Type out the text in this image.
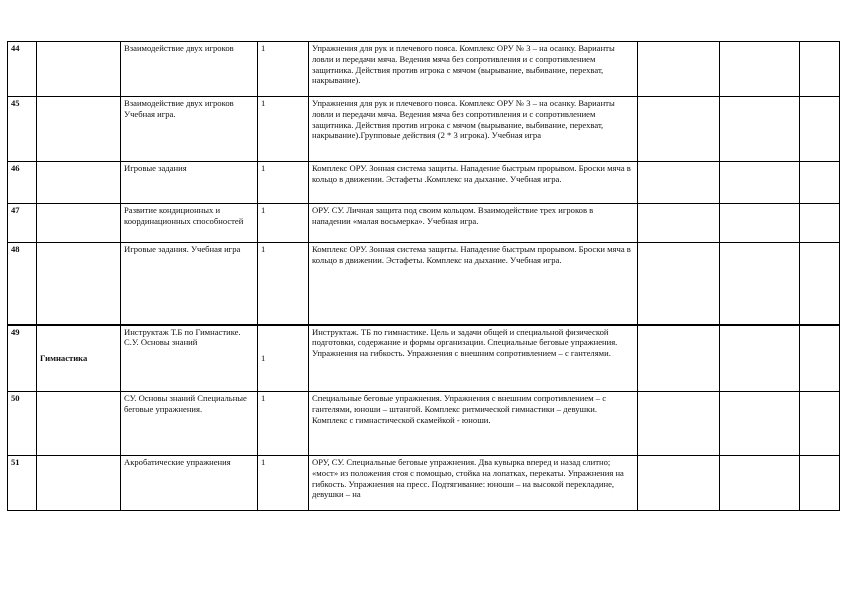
44		Взаимодействие двух игроков	1	Упражнения для рук и плечевого пояса. Комплекс ОРУ № 3 – на осанку. Варианты ловли и передачи мяча. Ведения мяча без сопротивления и с сопротивлением защитника. Действия против игрока с мячом (вырывание, выбивание, перехват, накрывание).			
45		Взаимодействие двух игроков Учебная игра.	1	Упражнения для рук и плечевого пояса. Комплекс ОРУ № 3 – на осанку. Варианты ловли и передачи мяча. Ведения мяча без сопротивления и с сопротивлением защитника. Действия против игрока с мячом (вырывание, выбивание, перехват, накрывание).Групповые действия (2 * 3 игрока). Учебная игра			
46		Игровые задания	1	Комплекс ОРУ. Зонная система защиты. Нападение быстрым прорывом. Броски мяча в кольцо в движении. Эстафеты .Комплекс на дыхание. Учебная игра.			
47		Развитие кондиционных и координационных способностей	1	ОРУ. СУ. Личная защита под своим кольцом. Взаимодействие трех игроков в нападении «малая восьмерка». Учебная игра.			
48		Игровые задания. Учебная игра	1	Комплекс ОРУ. Зонная система защиты. Нападение быстрым прорывом. Броски мяча в кольцо в движении. Эстафеты. Комплекс на дыхание. Учебная игра.			
49	Гимнастика	Инструктаж Т.Б по Гимнастике. С.У. Основы знаний	1	Инструктаж. ТБ по гимнастике. Цель и задачи общей и специальной физической подготовки, содержание и формы организации. Специальные беговые упражнения. Упражнения на гибкость. Упражнения с внешним сопротивлением – с гантелями.			
50		СУ. Основы знаний Специальные беговые упражнения.	1	Специальные беговые упражнения. Упражнения с внешним сопротивлением – с гантелями, юноши – штангой. Комплекс ритмической гимнастики – девушки. Комплекс с гимнастической скамейкой - юноши.			
51		Акробатические упражнения	1	ОРУ, СУ. Специальные беговые упражнения. Два кувырка вперед и назад слитно; «мост» из положения стоя с помощью, стойка на лопатках, перекаты. Упражнения на гибкость. Упражнения на пресс. Подтягивание: юноши – на высокой перекладине, девушки – на			
